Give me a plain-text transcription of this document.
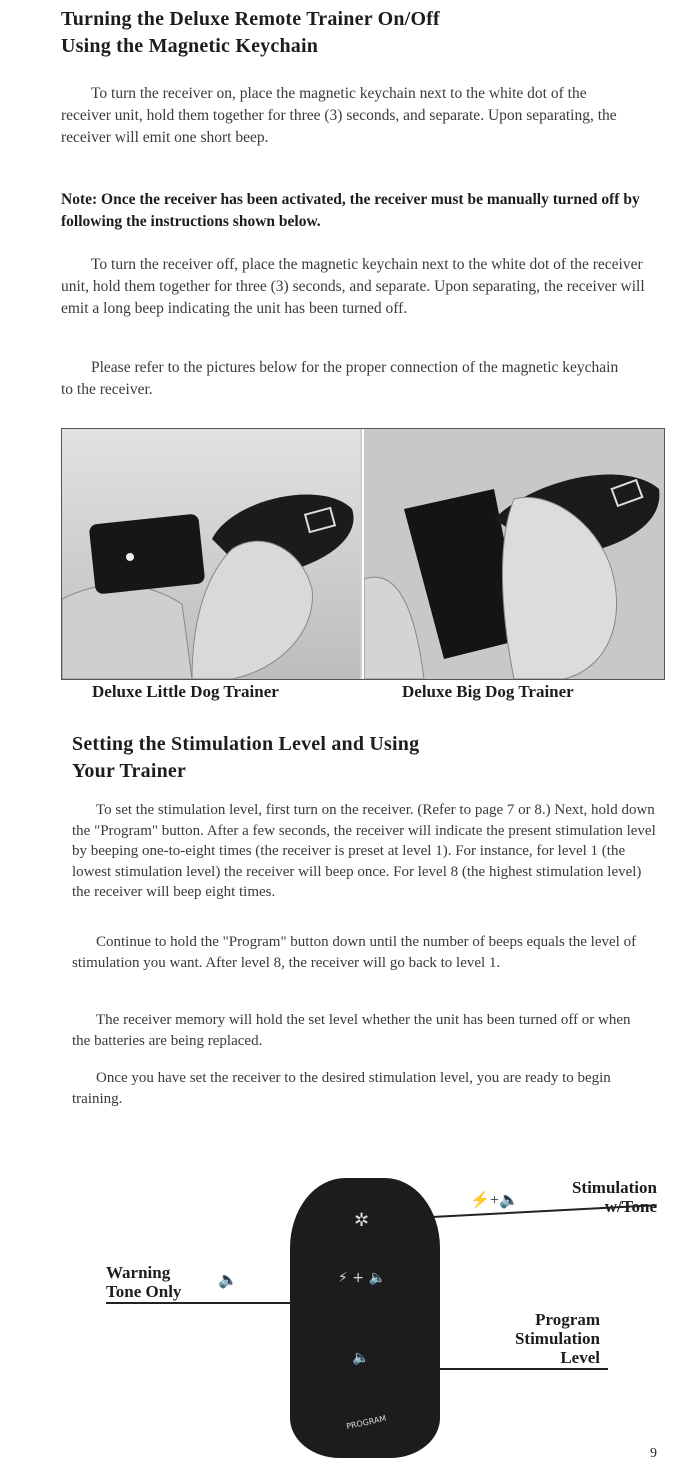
Turning the Deluxe Remote Trainer On/Off
Using the Magnetic Keychain
To turn the receiver on, place the magnetic keychain next to the white dot of the receiver unit, hold them together for three (3) seconds, and separate. Upon separating, the receiver will emit one short beep.
Note: Once the receiver has been activated, the receiver must be manually turned off by following the instructions shown below.
To turn the receiver off, place the magnetic keychain next to the white dot of the receiver unit, hold them together for three (3) seconds, and separate. Upon separating, the receiver will emit a long beep indicating the unit has been turned off.
Please refer to the pictures below for the proper connection of the magnetic keychain to the receiver.
Deluxe Little Dog Trainer	Deluxe Big Dog Trainer
Setting the Stimulation Level and Using
Your Trainer
To set the stimulation level, first turn on the receiver. (Refer to page 7 or 8.) Next, hold down the "Program" button. After a few seconds, the receiver will indicate the present stimulation level by beeping one-to-eight times (the receiver is preset at level 1). For instance, for level 1 (the lowest stimulation level) the receiver will beep once. For level 8 (the highest stimulation level) the receiver will beep eight times.
Continue to hold the "Program" button down until the number of beeps equals the level of stimulation you want. After level 8, the receiver will go back to level 1.
The receiver memory will hold the set level whether the unit has been turned off or when the batteries are being replaced.
Once you have set the receiver to the desired stimulation level, you are ready to begin training.
✲
⚡ + 🔈
🔈
PROGRAM
⚡+🔈
Stimulation
w/Tone
Warning
Tone Only
🔈
Program
Stimulation
Level
9
